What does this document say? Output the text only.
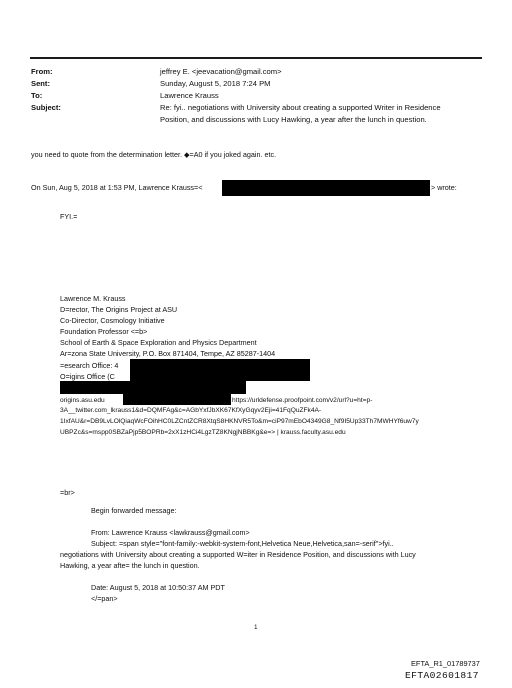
From:	jeffrey E. <jeevacation@gmail.com>
Sent:	Sunday, August 5, 2018 7:24 PM
To:	Lawrence Krauss
Subject:	Re: fyi.. negotiations with University about creating a supported Writer in Residence
Position, and discussions with Lucy Hawking, a year after the lunch in question.
you need to quote from the determination letter. ◆=A0 if you joked again. etc.
On Sun, Aug 5, 2018 at 1:53 PM, Lawrence Krauss=<	> wrote:
FYI.=
Lawrence M. Krauss
D=rector, The Origins Project at ASU
Co-Director, Cosmology Initiative
Foundation Professor <=b>
School of Earth & Space Exploration and Physics Department
Ar=zona State University, P.O. Box 871404, Tempe, AZ 85287-1404
=esearch Office: 4
O=igins Office (C
origins.asu.edu	https://urldefense.proofpoint.com/v2/url?u=ht=p-
3A__twitter.com_lkrauss1&d=DQMFAg&c=AGbYxfJbXK67KfXyGqyv2Eji=41FqQuZFk4A-
1IxfAU&r=DB9LvLOlQiaqWcFOihHC0LZCntZCR8XtqS8HKNVR5To&m=ciP97mEbO4349G8_Nf9I5Up33Th7MWHYf6uw7y
UBPZc&s=mspp0SBZaPjp5BOPRb=2xX1zHCi4LgzTZ8KNgjNBBKg&e=> | krauss.faculty.asu.edu
=br>
Begin forwarded message:
From: Lawrence Krauss <lawkrauss@gmail.com>
Subject: =span style="font-family:-webkit-system-font,Helvetica Neue,Helvetica,san=-serif">fyi..
negotiations with University about creating a supported W=iter in Residence Position, and discussions with Lucy
Hawking, a year afte= the lunch in question.
Date: August 5, 2018 at 10:50:37 AM PDT
</=pan>
1
EFTA_R1_01789737
EFTA02601817
